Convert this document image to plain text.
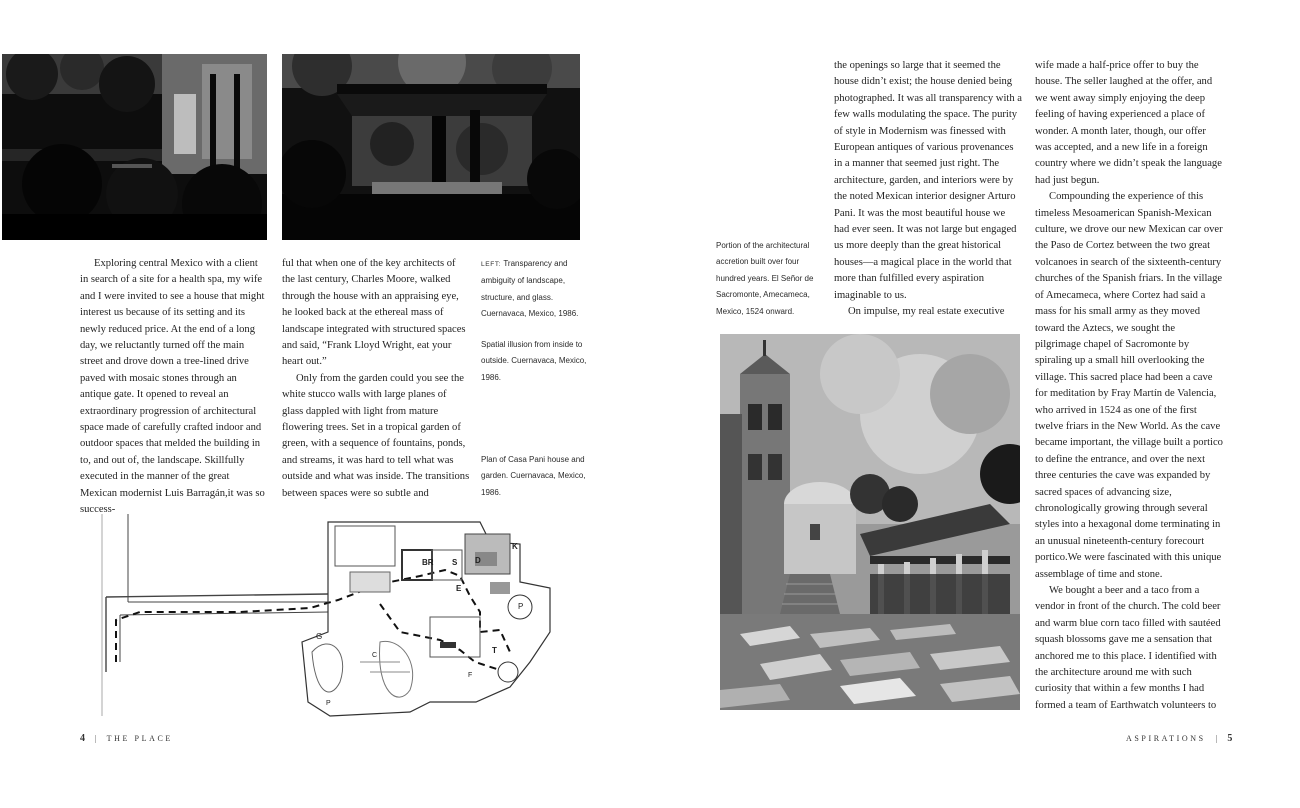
Exploring central Mexico with a client in search of a site for a health spa, my wife and I were invited to see a house that might interest us because of its setting and its newly reduced price. At the end of a long day, we reluctantly turned off the main street and drove down a tree-lined drive paved with mosaic stones through an antique gate. It opened to reveal an extraordinary progression of architectural space made of carefully crafted indoor and outdoor spaces that melded the building in to, and out of, the landscape. Skillfully executed in the manner of the great Mexican modernist Luis Barragán,it was so success-

ful that when one of the key architects of the last century, Charles Moore, walked through the house with an appraising eye, he looked back at the ethereal mass of landscape integrated with structured spaces and said, “Frank Lloyd Wright, eat your heart out.”

Only from the garden could you see the white stucco walls with large planes of glass dappled with light from mature flowering trees. Set in a tropical garden of green, with a sequence of fountains, ponds, and streams, it was hard to tell what was outside and what was inside. The transitions between spaces were so subtle and

LEFT: Transparency and ambiguity of landscape, structure, and glass. Cuernavaca, Mexico, 1986.
Spatial illusion from inside to outside. Cuernavaca, Mexico, 1986.
Plan of Casa Pani house and garden. Cuernavaca, Mexico, 1986.
BR S D
K
E
T
P
G
F
C
P
4 | THE PLACE
Portion of the architectural accretion built over four hundred years. El Señor de Sacromonte, Amecameca, Mexico, 1524 onward.

the openings so large that it seemed the house didn’t exist; the house denied being photographed. It was all transparency with a few walls modulating the space. The purity of style in Modernism was finessed with European antiques of various provenances in a manner that seemed just right. The architecture, garden, and interiors were by the noted Mexican interior designer Arturo Pani. It was the most beautiful house we had ever seen. It was not large but engaged us more deeply than the great historical houses—a magical place in the world that more than fulfilled every aspiration imaginable to us.

On impulse, my real estate executive

wife made a half-price offer to buy the house. The seller laughed at the offer, and we went away simply enjoying the deep feeling of having experienced a place of wonder. A month later, though, our offer was accepted, and a new life in a foreign country where we didn’t speak the language had just begun.

Compounding the experience of this timeless Mesoamerican Spanish-Mexican culture, we drove our new Mexican car over the Paso de Cortez between the two great volcanoes in search of the sixteenth-century churches of the Spanish friars. In the village of Amecameca, where Cortez had said a mass for his small army as they moved toward the Aztecs, we sought the pilgrimage chapel of Sacromonte by spiraling up a small hill overlooking the village. This sacred place had been a cave for meditation by Fray Martín de Valencia, who arrived in 1524 as one of the first twelve friars in the New World. As the cave became important, the village built a portico to define the entrance, and over the next three centuries the cave was expanded by sacred spaces of advancing size, chronologically growing through several styles into a hexagonal dome terminating in an unusual nineteenth-century forecourt portico.We were fascinated with this unique assemblage of time and stone.

We bought a beer and a taco from a vendor in front of the church. The cold beer and warm blue corn taco filled with sautéed squash blossoms gave me a sensation that anchored me to this place. I identified with the architecture around me with such curiosity that within a few months I had formed a team of Earthwatch volunteers to

ASPIRATIONS | 5
